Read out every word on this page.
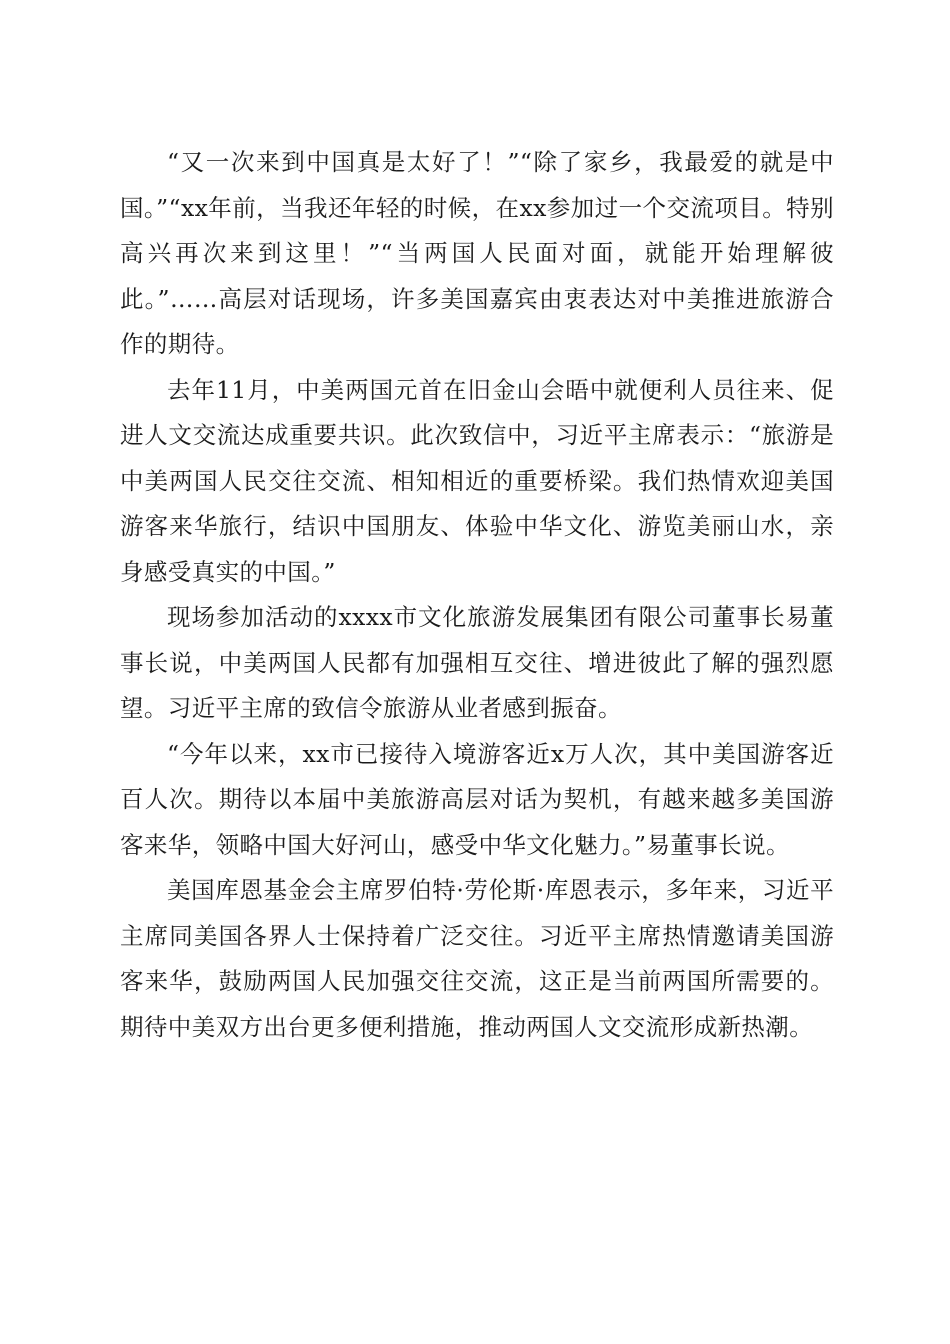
“又一次来到中国真是太好了！”“除了家乡，我最爱的就是中国。”“xx年前，当我还年轻的时候，在xx参加过一个交流项目。特别高兴再次来到这里！”“当两国人民面对面，就能开始理解彼此。”……高层对话现场，许多美国嘉宾由衷表达对中美推进旅游合作的期待。

去年11月，中美两国元首在旧金山会晤中就便利人员往来、促进人文交流达成重要共识。此次致信中，习近平主席表示：“旅游是中美两国人民交往交流、相知相近的重要桥梁。我们热情欢迎美国游客来华旅行，结识中国朋友、体验中华文化、游览美丽山水，亲身感受真实的中国。”

现场参加活动的xxxx市文化旅游发展集团有限公司董事长易董事长说，中美两国人民都有加强相互交往、增进彼此了解的强烈愿望。习近平主席的致信令旅游从业者感到振奋。

“今年以来，xx市已接待入境游客近x万人次，其中美国游客近百人次。期待以本届中美旅游高层对话为契机，有越来越多美国游客来华，领略中国大好河山，感受中华文化魅力。”易董事长说。

美国库恩基金会主席罗伯特·劳伦斯·库恩表示，多年来，习近平主席同美国各界人士保持着广泛交往。习近平主席热情邀请美国游客来华，鼓励两国人民加强交往交流，这正是当前两国所需要的。期待中美双方出台更多便利措施，推动两国人文交流形成新热潮。
